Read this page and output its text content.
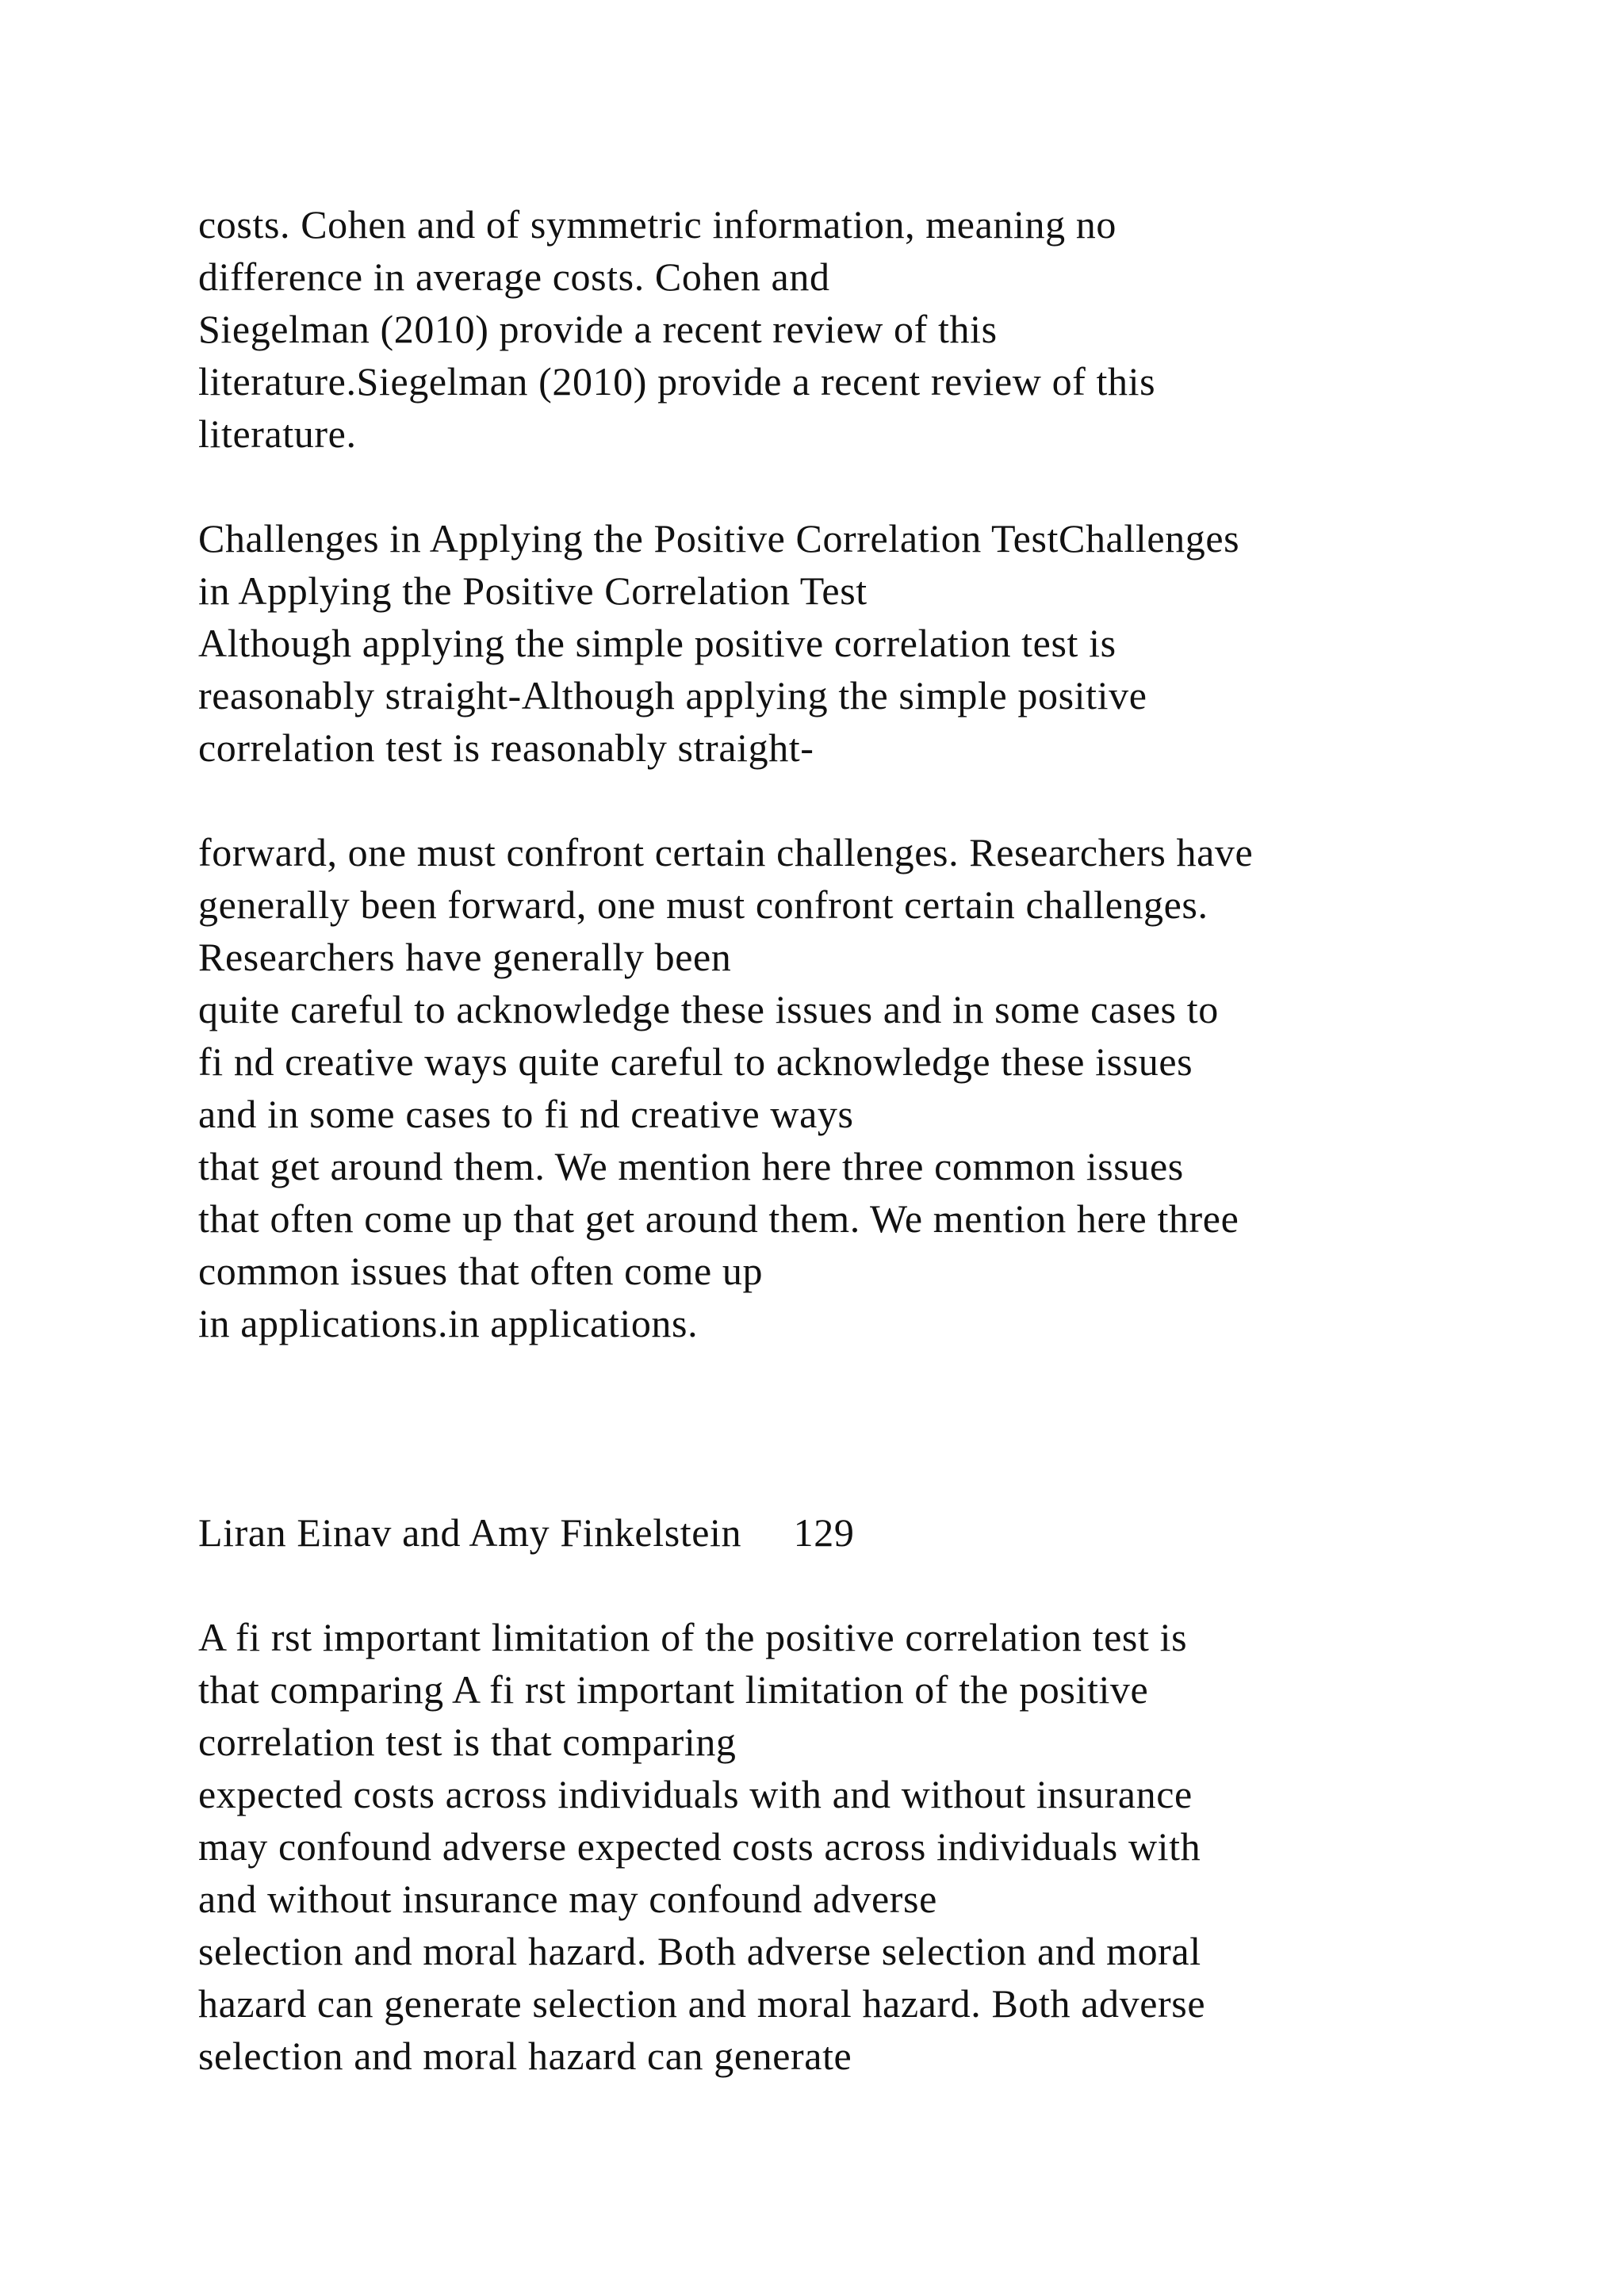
costs. Cohen and of symmetric information, meaning no
difference in average costs. Cohen and
Siegelman (2010) provide a recent review of this
literature.Siegelman (2010) provide a recent review of this
literature.
Challenges in Applying the Positive Correlation TestChallenges
in Applying the Positive Correlation Test
Although applying the simple positive correlation test is
reasonably straight-Although applying the simple positive
correlation test is reasonably straight-
forward, one must confront certain challenges. Researchers have
generally been forward, one must confront certain challenges.
Researchers have generally been
quite careful to acknowledge these issues and in some cases to
fi nd creative ways quite careful to acknowledge these issues
and in some cases to fi nd creative ways
that get around them. We mention here three common issues
that often come up that get around them. We mention here three
common issues that often come up
in applications.in applications.
Liran Einav and Amy Finkelstein     129
A fi rst important limitation of the positive correlation test is
that comparing A fi rst important limitation of the positive
correlation test is that comparing
expected costs across individuals with and without insurance
may confound adverse expected costs across individuals with
and without insurance may confound adverse
selection and moral hazard. Both adverse selection and moral
hazard can generate selection and moral hazard. Both adverse
selection and moral hazard can generate
